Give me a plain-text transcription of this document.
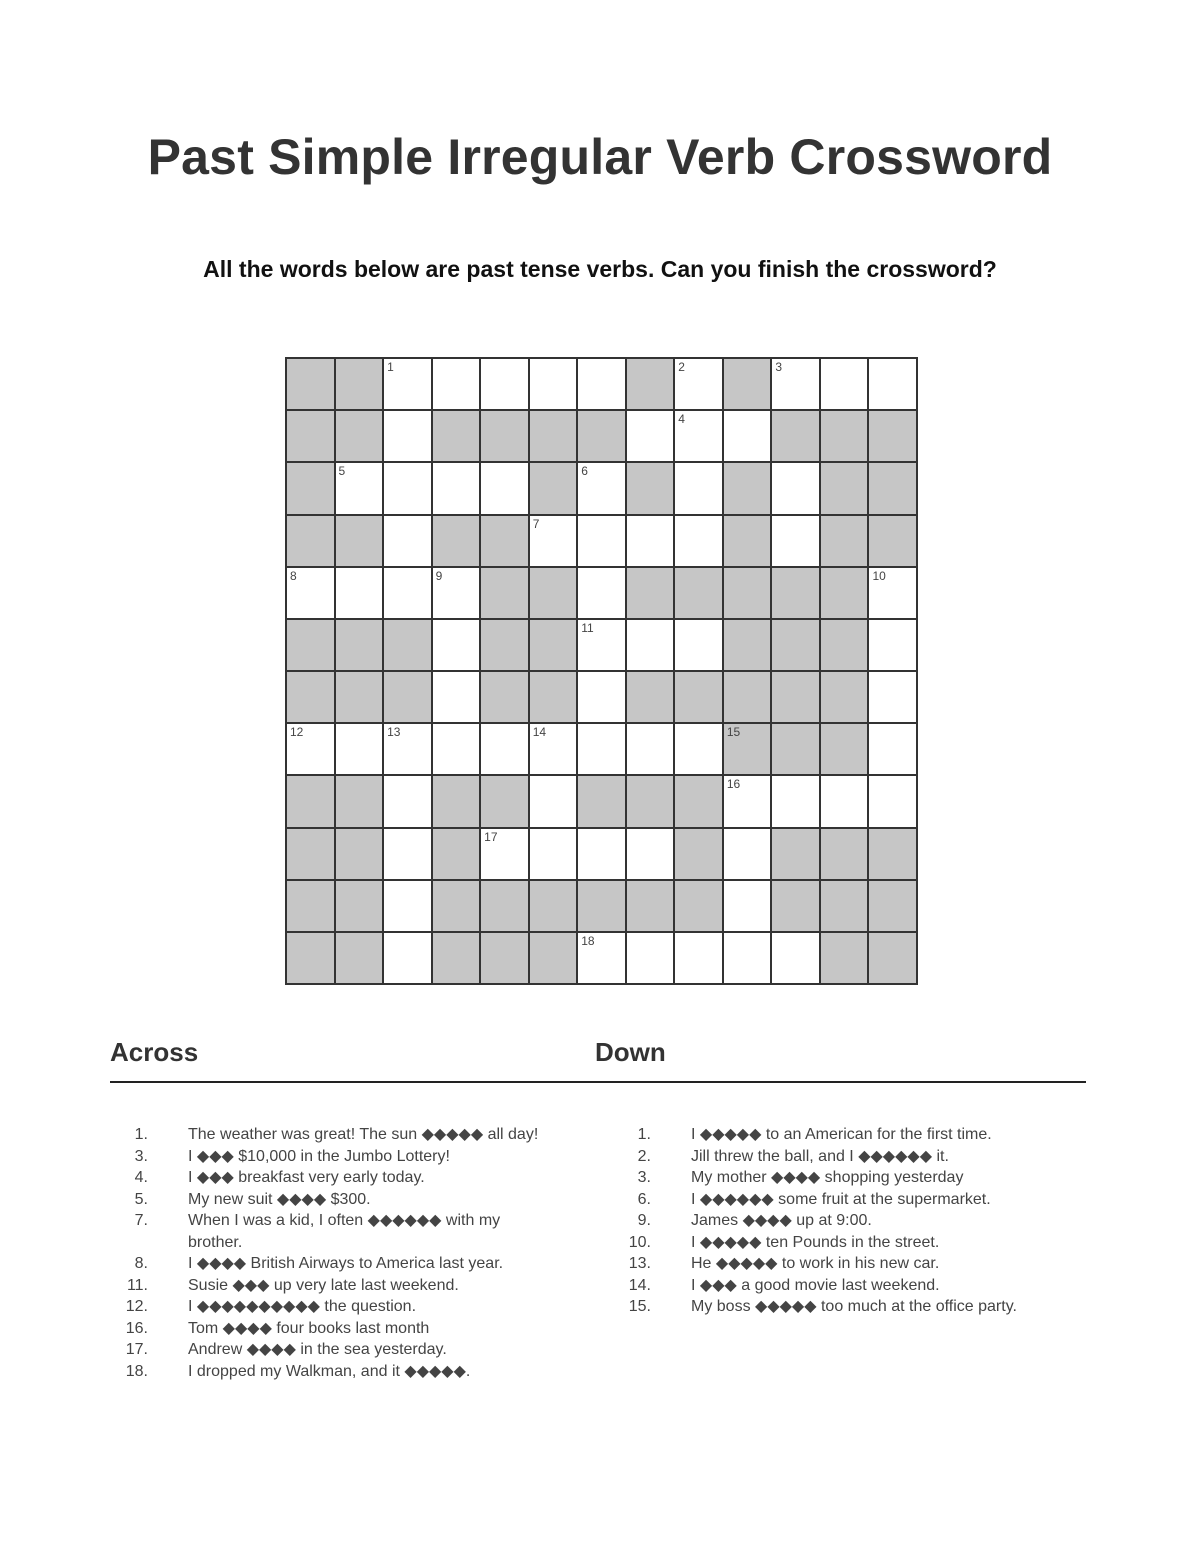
Past Simple Irregular Verb Crossword

All the words below are past tense verbs. Can you finish the crossword?

1	2	3
4
5	6
7
8	9	10
11
12	13	14	15
16
17
18
Across	Down
1.	The weather was great! The sun ◆◆◆◆◆ all day!
3.	I ◆◆◆ $10,000 in the Jumbo Lottery!
4.	I ◆◆◆ breakfast very early today.
5.	My new suit ◆◆◆◆ $300.
7.	When I was a kid, I often ◆◆◆◆◆◆ with my brother.
8.	I ◆◆◆◆ British Airways to America last year.
11.	Susie ◆◆◆ up very late last weekend.
12.	I ◆◆◆◆◆◆◆◆◆◆ the question.
16.	Tom ◆◆◆◆ four books last month
17.	Andrew ◆◆◆◆ in the sea yesterday.
18.	I dropped my Walkman, and it ◆◆◆◆◆.
1.	I ◆◆◆◆◆ to an American for the first time.
2.	Jill threw the ball, and I ◆◆◆◆◆◆ it.
3.	My mother ◆◆◆◆ shopping yesterday
6.	I ◆◆◆◆◆◆ some fruit at the supermarket.
9.	James ◆◆◆◆ up at 9:00.
10.	I ◆◆◆◆◆ ten Pounds in the street.
13.	He ◆◆◆◆◆ to work in his new car.
14.	I ◆◆◆ a good movie last weekend.
15.	My boss ◆◆◆◆◆ too much at the office party.
